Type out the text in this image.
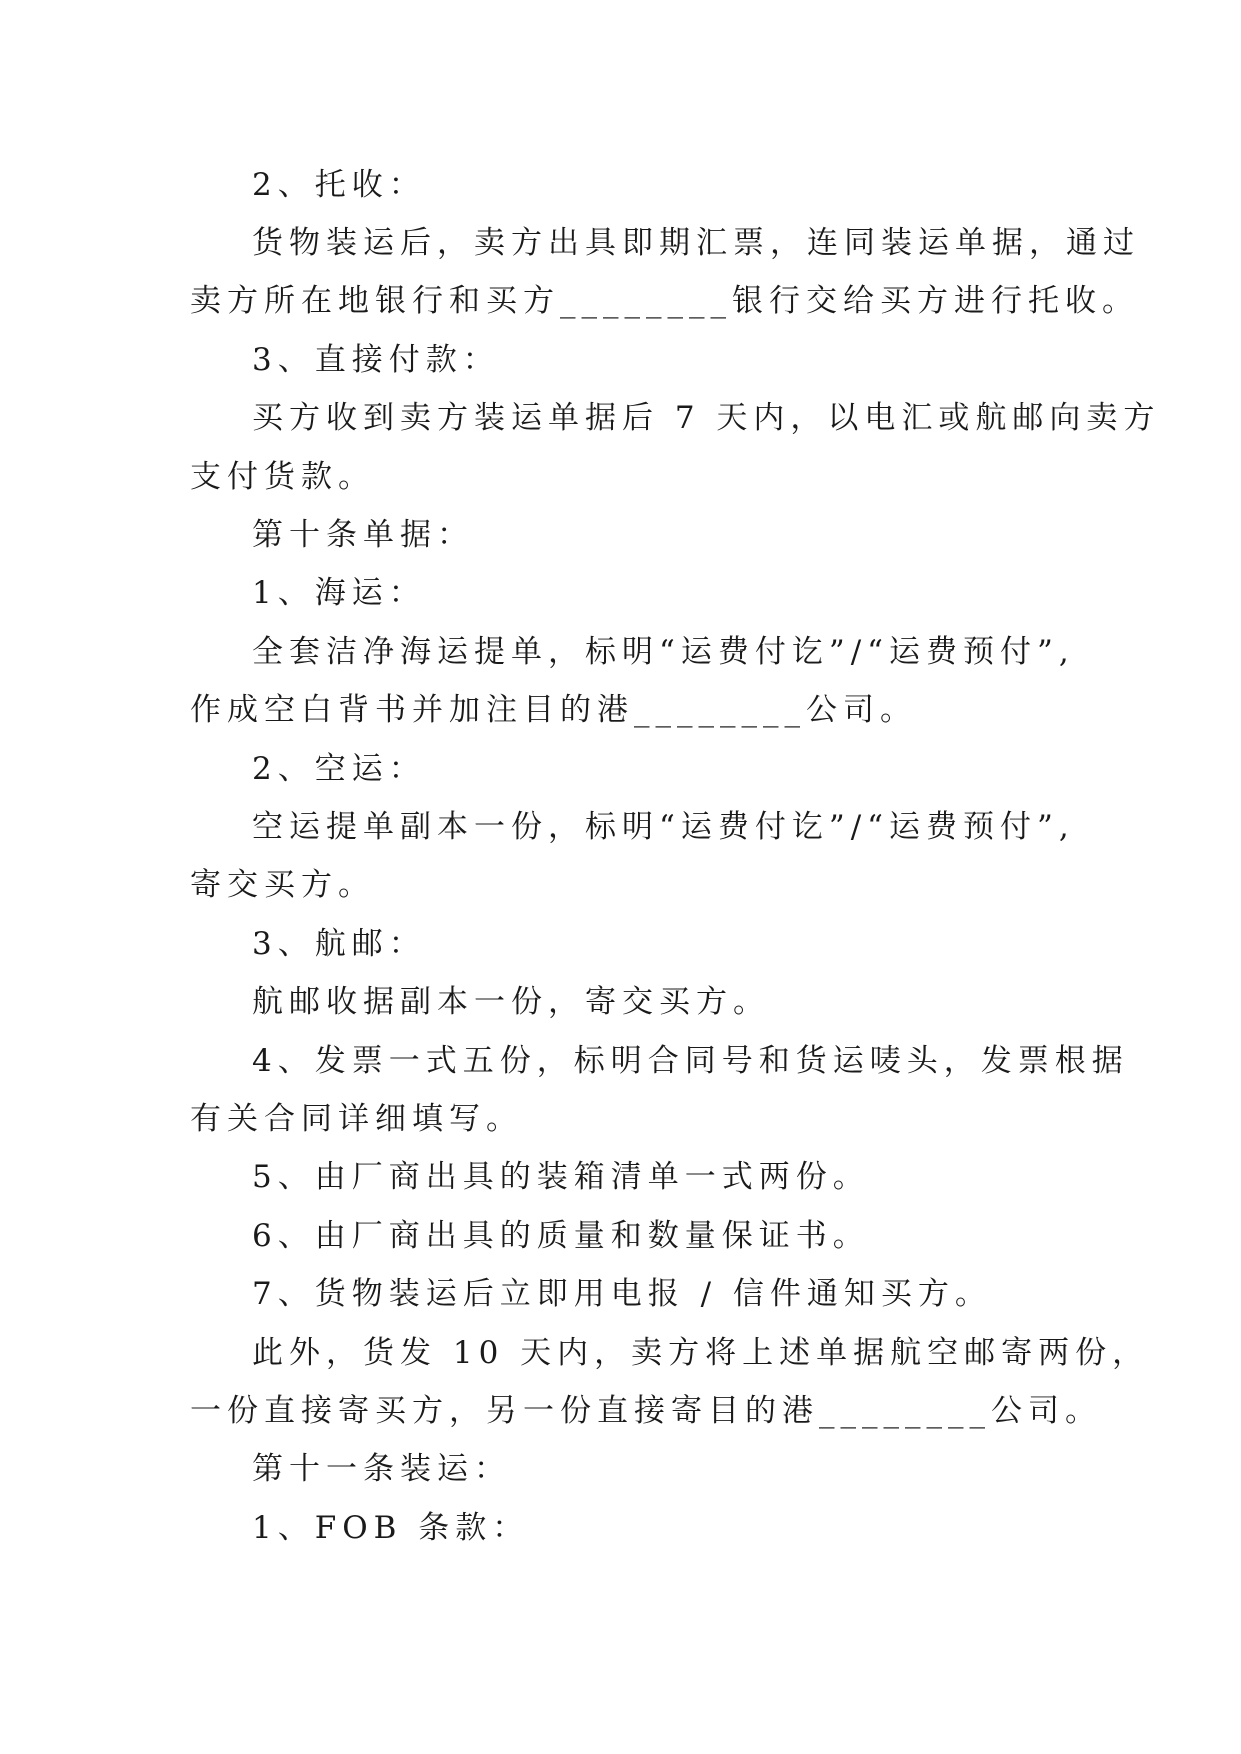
2、托收：

货物装运后，卖方出具即期汇票，连同装运单据，通过

卖方所在地银行和买方________银行交给买方进行托收。

3、直接付款：

买方收到卖方装运单据后 7 天内，以电汇或航邮向卖方

支付货款。

第十条单据：

1、海运：

全套洁净海运提单，标明“运费付讫”/“运费预付”,

作成空白背书并加注目的港________公司。

2、空运：

空运提单副本一份，标明“运费付讫”/“运费预付”,

寄交买方。

3、航邮：

航邮收据副本一份，寄交买方。

4、发票一式五份，标明合同号和货运唛头，发票根据

有关合同详细填写。

5、由厂商出具的装箱清单一式两份。

6、由厂商出具的质量和数量保证书。

7、货物装运后立即用电报 / 信件通知买方。

此外，货发 10 天内，卖方将上述单据航空邮寄两份，

一份直接寄买方，另一份直接寄目的港________公司。

第十一条装运：

1、FOB 条款：
